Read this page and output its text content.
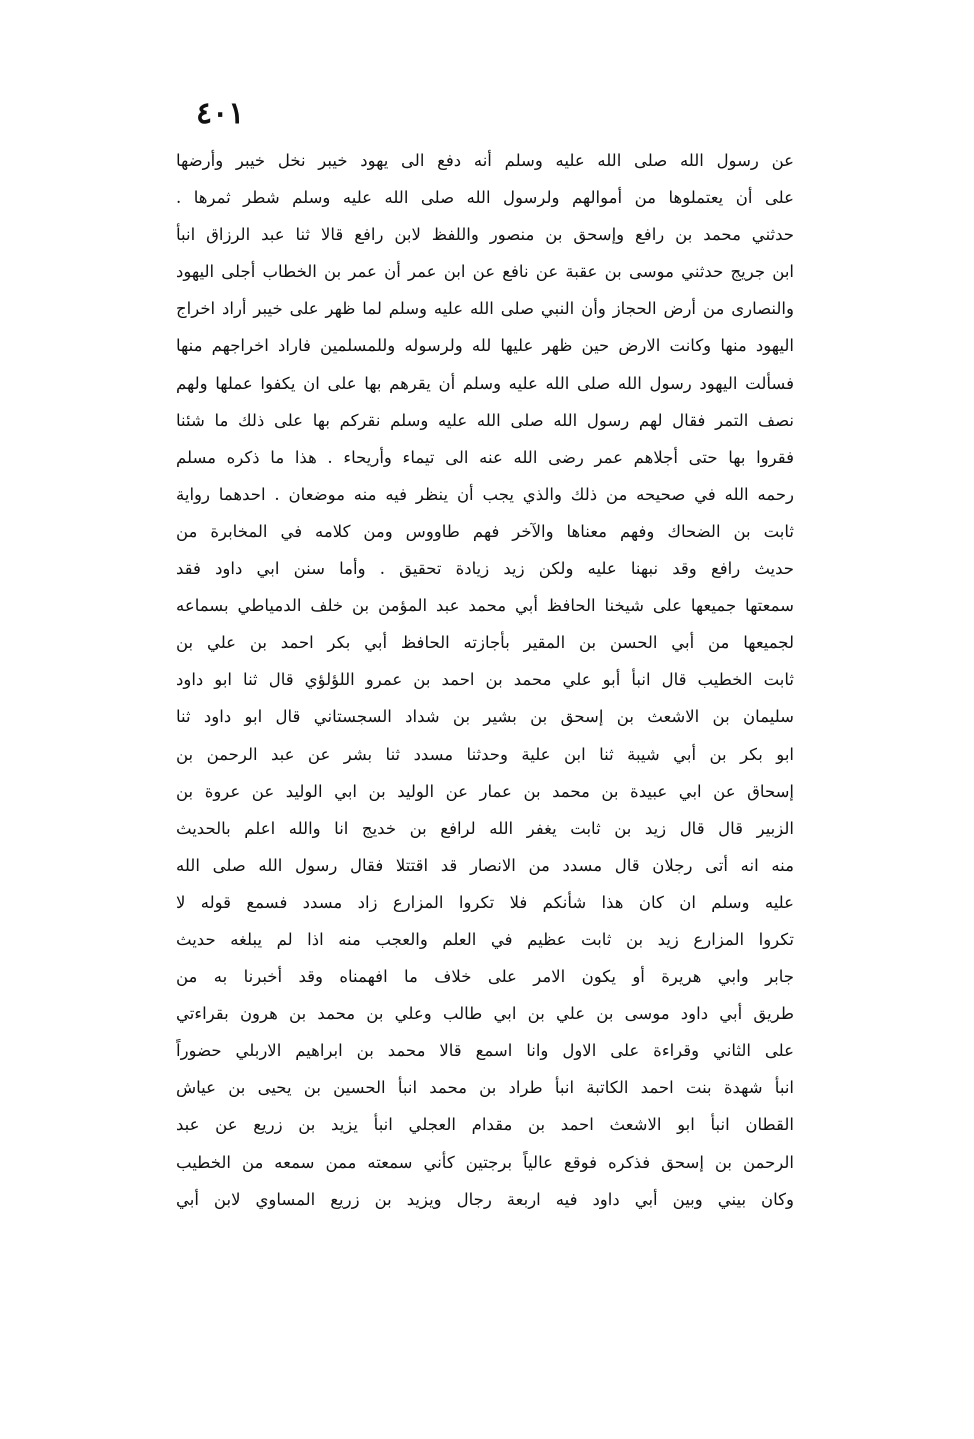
٤٠١
عن رسول الله صلى الله عليه وسلم أنه دفع الى يهود خيبر نخل خيبر وأرضها
على أن يعتملوها من أموالهم ولرسول الله صلى الله عليه وسلم شطر ثمرها .
حدثني محمد بن رافع وإسحق بن منصور واللفظ لابن رافع قالا ثنا عبد الرزاق انبأ
ابن جريج حدثني موسى بن عقبة عن نافع عن ابن عمر أن عمر بن الخطاب أجلى اليهود
والنصارى من أرض الحجاز وأن النبي صلى الله عليه وسلم لما ظهر على خيبر أراد اخراج
اليهود منها وكانت الارض حين ظهر عليها لله ولرسوله وللمسلمين فاراد اخراجهم منها
فسألت اليهود رسول الله صلى الله عليه وسلم أن يقرهم بها على ان يكفوا عملها ولهم
نصف التمر فقال لهم رسول الله صلى الله عليه وسلم نقركم بها على ذلك ما شئنا
فقروا بها حتى أجلاهم عمر رضى الله عنه الى تيماء وأريحاء . هذا ما ذكره مسلم
رحمه الله في صحيحه من ذلك والذي يجب أن ينظر فيه منه موضعان . احدهما رواية
ثابت بن الضحاك وفهم معناها والآخر فهم طاووس ومن كلامه في المخابرة من
حديث رافع وقد نبهنا عليه ولكن زيد زيادة تحقيق . وأما سنن ابي داود فقد
سمعتها جميعها على شيخنا الحافظ أبي محمد عبد المؤمن بن خلف الدمياطي بسماعه
لجميعها من أبي الحسن بن المقير بأجازته الحافظ أبي بكر احمد بن علي بن
ثابت الخطيب قال انبأ أبو علي محمد بن احمد بن عمرو اللؤلؤي قال ثنا ابو داود
سليمان بن الاشعث بن إسحق بن بشير بن شداد السجستاني قال ابو داود ثنا
ابو بكر بن أبي شيبة ثنا ابن علية وحدثنا مسدد ثنا بشر عن عبد الرحمن بن
إسحاق عن ابي عبيدة بن محمد بن عمار عن الوليد بن ابي الوليد عن عروة بن
الزبير قال قال زيد بن ثابت يغفر الله لرافع بن خديج انا والله اعلم بالحديث
منه انه أتى رجلان قال مسدد من الانصار قد اقتتلا فقال رسول الله صلى الله
عليه وسلم ان كان هذا شأنكم فلا تكروا المزارع زاد مسدد فسمع قوله لا
تكروا المزارع زيد بن ثابت عظيم في العلم والعجب منه اذا لم يبلغه حديث
جابر وابي هريرة أو يكون الامر على خلاف ما افهمناه وقد أخبرنا به من
طريق أبي داود موسى بن علي بن ابي طالب وعلي بن محمد بن هرون بقراءتي
على الثاني وقراءة على الاول وانا اسمع قالا محمد بن ابراهيم الاربلي حضوراً
انبأ شهدة بنت احمد الكاتبة انبأ طراد بن محمد انبأ الحسين بن يحيى بن عياش
القطان انبأ ابو الاشعث احمد بن مقدام العجلي انبأ يزيد بن زريع عن عبد
الرحمن بن إسحق فذكره فوقع عالياً برجتين كأني سمعته ممن سمعه من الخطيب
وكان بيني وبين أبي داود فيه اربعة رجال ويزيد بن زريع المساوي لابن أبي
